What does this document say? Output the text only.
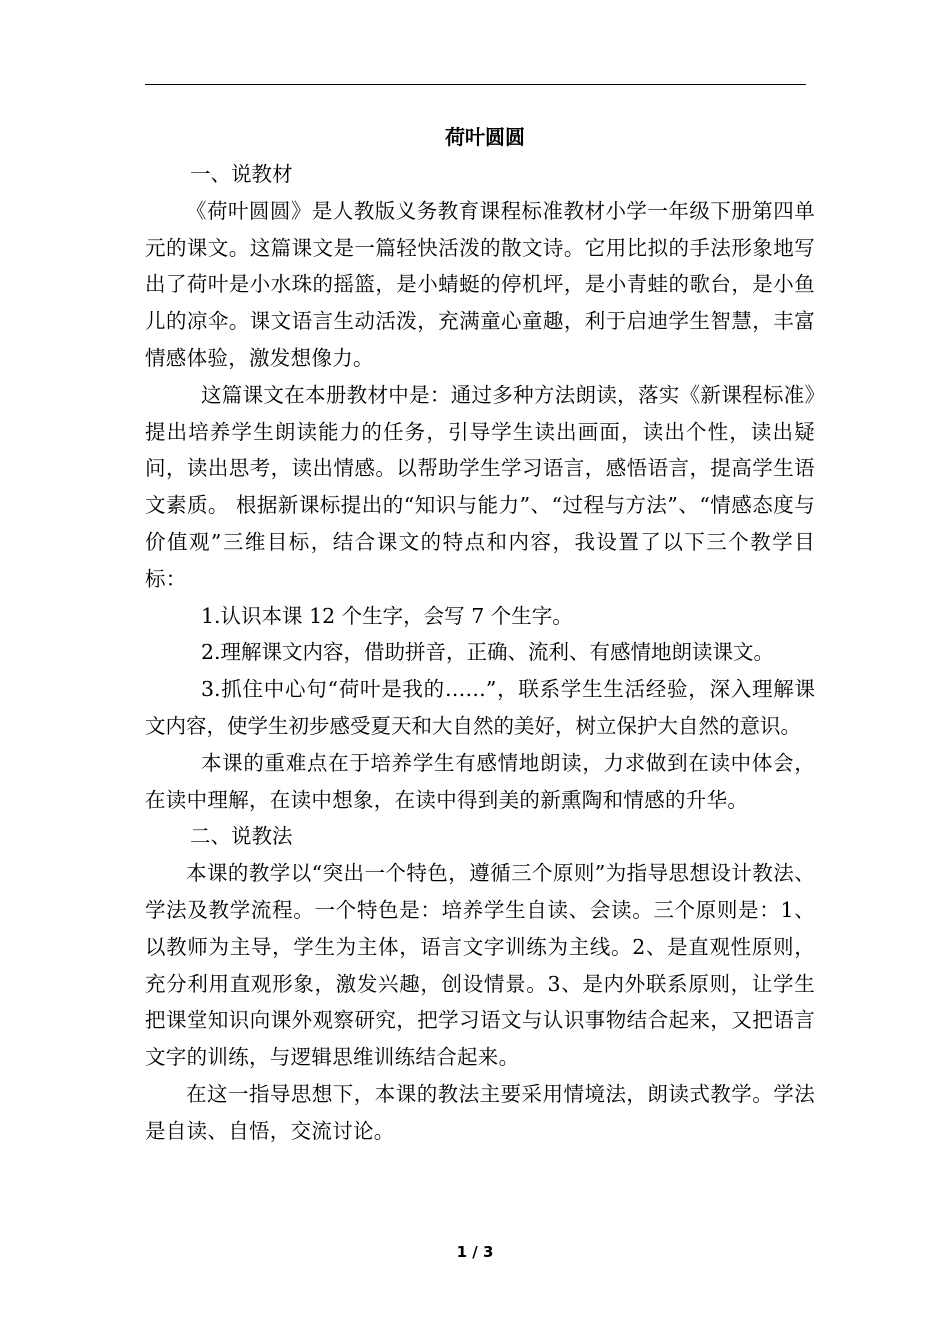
荷叶圆圆

一、说教材

《荷叶圆圆》是人教版义务教育课程标准教材小学一年级下册第四单元的课文。这篇课文是一篇轻快活泼的散文诗。它用比拟的手法形象地写出了荷叶是小水珠的摇篮，是小蜻蜓的停机坪，是小青蛙的歌台，是小鱼儿的凉伞。课文语言生动活泼，充满童心童趣，利于启迪学生智慧，丰富情感体验，激发想像力。

这篇课文在本册教材中是：通过多种方法朗读，落实《新课程标准》提出培养学生朗读能力的任务，引导学生读出画面，读出个性，读出疑问，读出思考，读出情感。以帮助学生学习语言，感悟语言，提高学生语文素质。 根据新课标提出的“知识与能力”、“过程与方法”、“情感态度与价值观”三维目标，结合课文的特点和内容，我设置了以下三个教学目标：

1.认识本课 12 个生字，会写 7 个生字。

2.理解课文内容，借助拼音，正确、流利、有感情地朗读课文。

3.抓住中心句“荷叶是我的……”，联系学生生活经验，深入理解课文内容，使学生初步感受夏天和大自然的美好，树立保护大自然的意识。

本课的重难点在于培养学生有感情地朗读，力求做到在读中体会，在读中理解，在读中想象，在读中得到美的新熏陶和情感的升华。

二、说教法

本课的教学以“突出一个特色，遵循三个原则”为指导思想设计教法、学法及教学流程。一个特色是：培养学生自读、会读。三个原则是：1、以教师为主导，学生为主体，语言文字训练为主线。2、是直观性原则，充分利用直观形象，激发兴趣，创设情景。3、是内外联系原则，让学生把课堂知识向课外观察研究，把学习语文与认识事物结合起来，又把语言文字的训练，与逻辑思维训练结合起来。

在这一指导思想下，本课的教法主要采用情境法，朗读式教学。学法是自读、自悟，交流讨论。

1 / 3
